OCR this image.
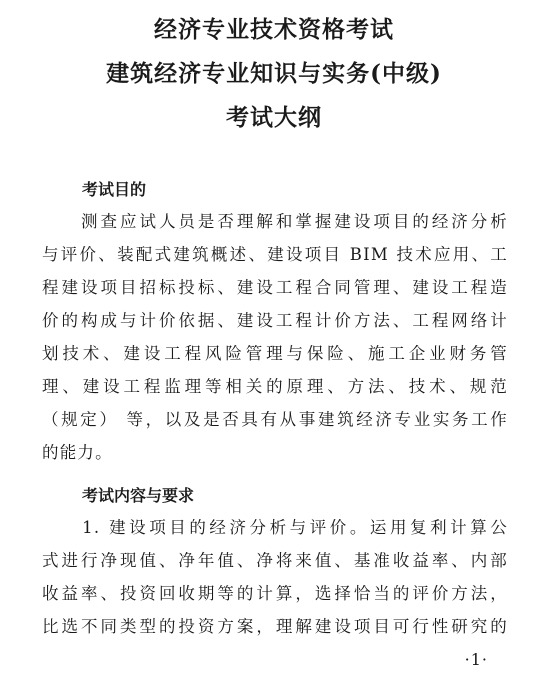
经济专业技术资格考试
建筑经济专业知识与实务(中级)
考试大纲
考试目的
　　测查应试人员是否理解和掌握建设项目的经济分析
与评价、装配式建筑概述、建设项目 BIM 技术应用、工
程建设项目招标投标、建设工程合同管理、建设工程造
价的构成与计价依据、建设工程计价方法、工程网络计
划技术、建设工程风险管理与保险、施工企业财务管
理、建设工程监理等相关的原理、方法、技术、规范
（规定） 等，以及是否具有从事建筑经济专业实务工作
的能力。
考试内容与要求
　　1. 建设项目的经济分析与评价。运用复利计算公
式进行净现值、净年值、净将来值、基准收益率、内部
收益率、投资回收期等的计算，选择恰当的评价方法，
比选不同类型的投资方案，理解建设项目可行性研究的
·1·
